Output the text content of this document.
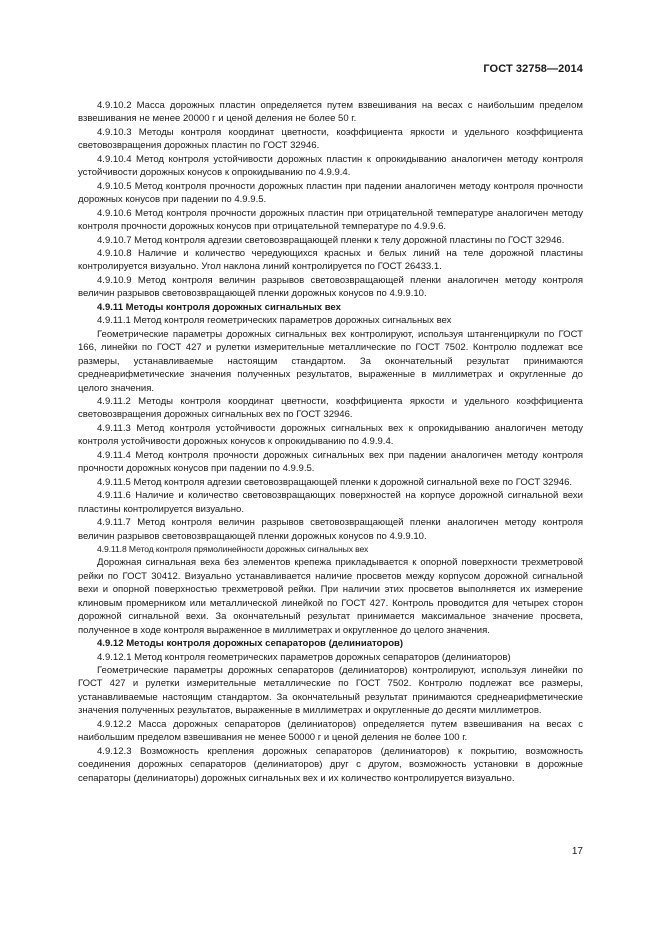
ГОСТ 32758—2014

4.9.10.2 Масса дорожных пластин определяется путем взвешивания на весах с наибольшим пределом взвешивания не менее 20000 г и ценой деления не более 50 г.

4.9.10.3 Методы контроля координат цветности, коэффициента яркости и удельного коэффициента световозвращения дорожных пластин по ГОСТ 32946.

4.9.10.4 Метод контроля устойчивости дорожных пластин к опрокидыванию аналогичен методу контроля устойчивости дорожных конусов к опрокидыванию по 4.9.9.4.

4.9.10.5 Метод контроля прочности дорожных пластин при падении аналогичен методу контроля прочности дорожных конусов при падении по 4.9.9.5.

4.9.10.6 Метод контроля прочности дорожных пластин при отрицательной температуре аналогичен методу контроля прочности дорожных конусов при отрицательной температуре по 4.9.9.6.

4.9.10.7 Метод контроля адгезии световозвращающей пленки к телу дорожной пластины по ГОСТ 32946.

4.9.10.8 Наличие и количество чередующихся красных и белых линий на теле дорожной пластины контролируется визуально. Угол наклона линий контролируется по ГОСТ 26433.1.

4.9.10.9 Метод контроля величин разрывов световозвращающей пленки аналогичен методу контроля величин разрывов световозвращающей пленки дорожных конусов по 4.9.9.10.

4.9.11 Методы контроля дорожных сигнальных вех

4.9.11.1 Метод контроля геометрических параметров дорожных сигнальных вех

Геометрические параметры дорожных сигнальных вех контролируют, используя штангенциркули по ГОСТ 166, линейки по ГОСТ 427 и рулетки измерительные металлические по ГОСТ 7502. Контролю подлежат все размеры, устанавливаемые настоящим стандартом. За окончательный результат принимаются среднеарифметические значения полученных результатов, выраженные в миллиметрах и округленные до целого значения.

4.9.11.2 Методы контроля координат цветности, коэффициента яркости и удельного коэффициента световозвращения дорожных сигнальных вех по ГОСТ 32946.

4.9.11.3 Метод контроля устойчивости дорожных сигнальных вех к опрокидыванию аналогичен методу контроля устойчивости дорожных конусов к опрокидыванию по 4.9.9.4.

4.9.11.4 Метод контроля прочности дорожных сигнальных вех при падении аналогичен методу контроля прочности дорожных конусов при падении по 4.9.9.5.

4.9.11.5 Метод контроля адгезии световозвращающей пленки к дорожной сигнальной вехе по ГОСТ 32946.

4.9.11.6 Наличие и количество световозвращающих поверхностей на корпусе дорожной сигнальной вехи пластины контролируется визуально.

4.9.11.7 Метод контроля величин разрывов световозвращающей пленки аналогичен методу контроля величин разрывов световозвращающей пленки дорожных конусов по 4.9.9.10.

4.9.11.8 Метод контроля прямолинейности дорожных сигнальных вех

Дорожная сигнальная веха без элементов крепежа прикладывается к опорной поверхности трехметровой рейки по ГОСТ 30412. Визуально устанавливается наличие просветов между корпусом дорожной сигнальной вехи и опорной поверхностью трехметровой рейки. При наличии этих просветов выполняется их измерение клиновым промерником или металлической линейкой по ГОСТ 427. Контроль проводится для четырех сторон дорожной сигнальной вехи. За окончательный результат принимается максимальное значение просвета, полученное в ходе контроля выраженное в миллиметрах и округленное до целого значения.

4.9.12 Методы контроля дорожных сепараторов (делиниаторов)

4.9.12.1 Метод контроля геометрических параметров дорожных сепараторов (делиниаторов)

Геометрические параметры дорожных сепараторов (делиниаторов) контролируют, используя линейки по ГОСТ 427 и рулетки измерительные металлические по ГОСТ 7502. Контролю подлежат все размеры, устанавливаемые настоящим стандартом. За окончательный результат принимаются среднеарифметические значения полученных результатов, выраженные в миллиметрах и округленные до десяти миллиметров.

4.9.12.2 Масса дорожных сепараторов (делиниаторов) определяется путем взвешивания на весах с наибольшим пределом взвешивания не менее 50000 г и ценой деления не более 100 г.

4.9.12.3 Возможность крепления дорожных сепараторов (делиниаторов) к покрытию, возможность соединения дорожных сепараторов (делиниаторов) друг с другом, возможность установки в дорожные сепараторы (делиниаторы) дорожных сигнальных вех и их количество контролируется визуально.

17
